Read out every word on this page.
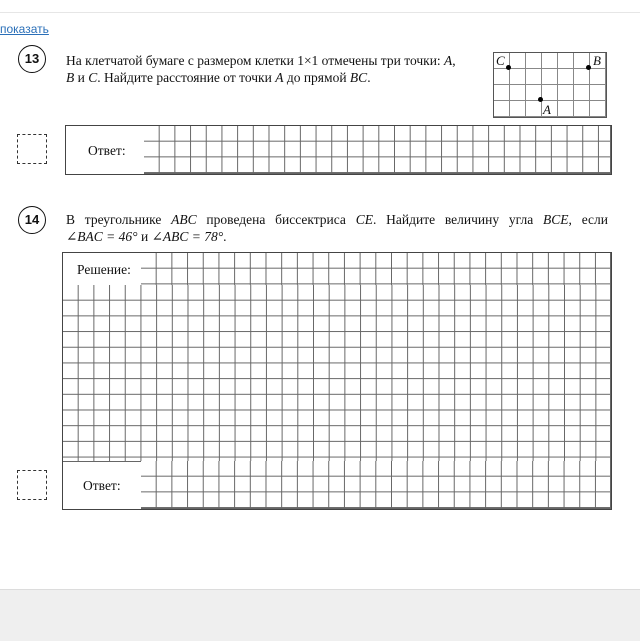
показать
13	На клетчатой бумаге с размером клетки 1×1 отмечены три точки: A,
B и C. Найдите расстояние от точки A до прямой BC.
C	B
A
Ответ:
14	В треугольнике ABC проведена биссектриса CE. Найдите величину угла BCE, если
∠BAC = 46° и ∠ABC = 78°.
Решение:
Ответ:
